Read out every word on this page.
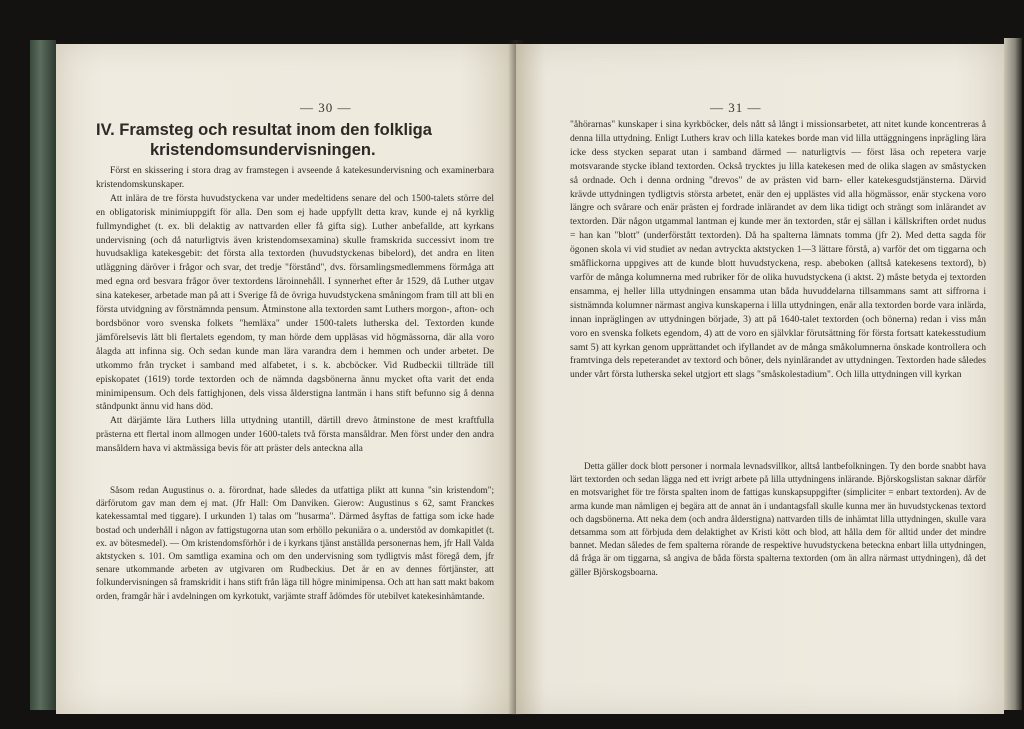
— 30 —
IV. Framsteg och resultat inom den folkliga
kristendomsundervisningen.

Först en skissering i stora drag av framstegen i avseende å katekesundervisning och examinerbara kristendomskunskaper.

Att inlära de tre första huvudstyckena var under medeltidens senare del och 1500-talets större del en obligatorisk minimiuppgift för alla. Den som ej hade uppfyllt detta krav, kunde ej nå kyrklig fullmyndighet (t. ex. bli delaktig av nattvarden eller få gifta sig). Luther anbefallde, att kyrkans undervisning (och då naturligtvis även kristendomsexamina) skulle framskrida successivt inom tre huvudsakliga katekesgebit: det första alla textorden (huvudstyckenas bibelord), det andra en liten utläggning däröver i frågor och svar, det tredje "förstånd", dvs. församlingsmedlemmens förmåga att med egna ord besvara frågor över textordens läroinnehåll. I synnerhet efter år 1529, då Luther utgav sina katekeser, arbetade man på att i Sverige få de övriga huvudstyckena småningom fram till att bli en första utvidgning av förstnämnda pensum. Åtminstone alla textorden samt Luthers morgon-, afton- och bordsbönor voro svenska folkets "hemläxa" under 1500-talets lutherska del. Textorden kunde jämförelsevis lätt bli flertalets egendom, ty man hörde dem uppläsas vid högmässorna, där alla voro ålagda att infinna sig. Och sedan kunde man lära varandra dem i hemmen och under arbetet. De utkommo från trycket i samband med alfabetet, i s. k. abcböcker. Vid Rudbeckii tillträde till episkopatet (1619) torde textorden och de nämnda dagsbönerna ännu mycket ofta varit det enda minimipensum. Och dels fattighjonen, dels vissa ålderstigna lantmän i hans stift befunno sig å denna ståndpunkt ännu vid hans död.

Att därjämte lära Luthers lilla uttydning utantill, därtill drevo åtminstone de mest kraftfulla prästerna ett flertal inom allmogen under 1600-talets två första mansåldrar. Men först under den andra mansåldern hava vi aktmässiga bevis för att präster dels anteckna alla

Såsom redan Augustinus o. a. förordnat, hade således da utfattiga plikt att kunna "sin kristendom"; därförutom gav man dem ej mat. (Jfr Hall: Om Danviken. Gierow: Augustinus s 62, samt Franckes katekessamtal med tiggare). I urkunden 1) talas om "husarma". Därmed åsyftas de fattiga som icke hade bostad och underhåll i någon av fattigstugorna utan som erhöllo pekuniära o a. understöd av domkapitlet (t. ex. av bötesmedel). — Om kristendomsförhör i de i kyrkans tjänst anställda personernas hem, jfr Hall Valda aktstycken s. 101. Om samtliga examina och om den undervisning som tydligtvis måst föregå dem, jfr senare utkommande arbeten av utgivaren om Rudbeckius. Det är en av dennes förtjänster, att folkundervisningen så framskridit i hans stift från läga till högre minimipensa. Och att han satt makt bakom orden, framgår här i avdelningen om kyrkotukt, varjämte straff ådömdes för utebilvet katekesinhämtande.

— 31 —

"åhörarnas" kunskaper i sina kyrkböcker, dels nått så långt i missionsarbetet, att nitet kunde koncentreras å denna lilla uttydning. Enligt Luthers krav och lilla katekes borde man vid lilla uttäggningens inprägling lära icke dess stycken separat utan i samband därmed — naturligtvis — först läsa och repetera varje motsvarande stycke ibland textorden. Också trycktes ju lilla katekesen med de olika slagen av småstycken så ordnade. Och i denna ordning "drevos" de av prästen vid barn- eller katekesgudstjänsterna. Därvid krävde uttydningen tydligtvis största arbetet, enär den ej upplästes vid alla högmässor, enär styckena voro längre och svårare och enär prästen ej fordrade inlärandet av dem lika tidigt och strängt som inlärandet av textorden. Där någon utgammal lantman ej kunde mer än textorden, står ej sällan i källskriften ordet nudus = han kan "blott" (underförstått textorden). Då ha spalterna lämnats tomma (jfr 2). Med detta sagda för ögonen skola vi vid studiet av nedan avtryckta aktstycken 1—3 lättare förstå, a) varför det om tiggarna och småflickorna uppgives att de kunde blott huvudstyckena, resp. abeboken (alltså katekesens textord), b) varför de många kolumnerna med rubriker för de olika huvudstyckena (i aktst. 2) måste betyda ej textorden ensamma, ej heller lilla uttydningen ensamma utan båda huvuddelarna tillsammans samt att siffrorna i sistnämnda kolumner närmast angiva kunskaperna i lilla uttydningen, enär alla textorden borde vara inlärda, innan inpräglingen av uttydningen började, 3) att på 1640-talet textorden (och bönerna) redan i viss mån voro en svenska folkets egendom, 4) att de voro en självklar förutsättning för första fortsatt katekesstudium samt 5) att kyrkan genom upprättandet och ifyllandet av de många småkolumnerna önskade kontrollera och framtvinga dels repeterandet av textord och böner, dels nyinlärandet av uttydningen. Textorden hade således under vårt första lutherska sekel utgjort ett slags "småskolestadium". Och lilla uttydningen vill kyrkan

Detta gäller dock blott personer i normala levnadsvillkor, alltså lantbefolkningen. Ty den borde snabbt hava lärt textorden och sedan lägga ned ett ivrigt arbete på lilla uttydningens inlärande. Björskogslistan saknar därför en motsvarighet för tre första spalten inom de fattigas kunskapsuppgifter (simpliciter = enbart textorden). Av de arma kunde man nämligen ej begära att de annat än i undantagsfall skulle kunna mer än huvudstyckenas textord och dagsbönerna. Att neka dem (och andra ålderstigna) nattvarden tills de inhämtat lilla uttydningen, skulle vara detsamma som att förbjuda dem delaktighet av Kristi kött och blod, att hålla dem för alltid under det mindre bannet. Medan således de fem spalterna rörande de respektive huvudstyckena beteckna enbart lilla uttydningen, då fråga är om tiggarna, så angiva de båda första spalterna textorden (om än allra närmast uttydningen), då det gäller Björskogsboarna.
